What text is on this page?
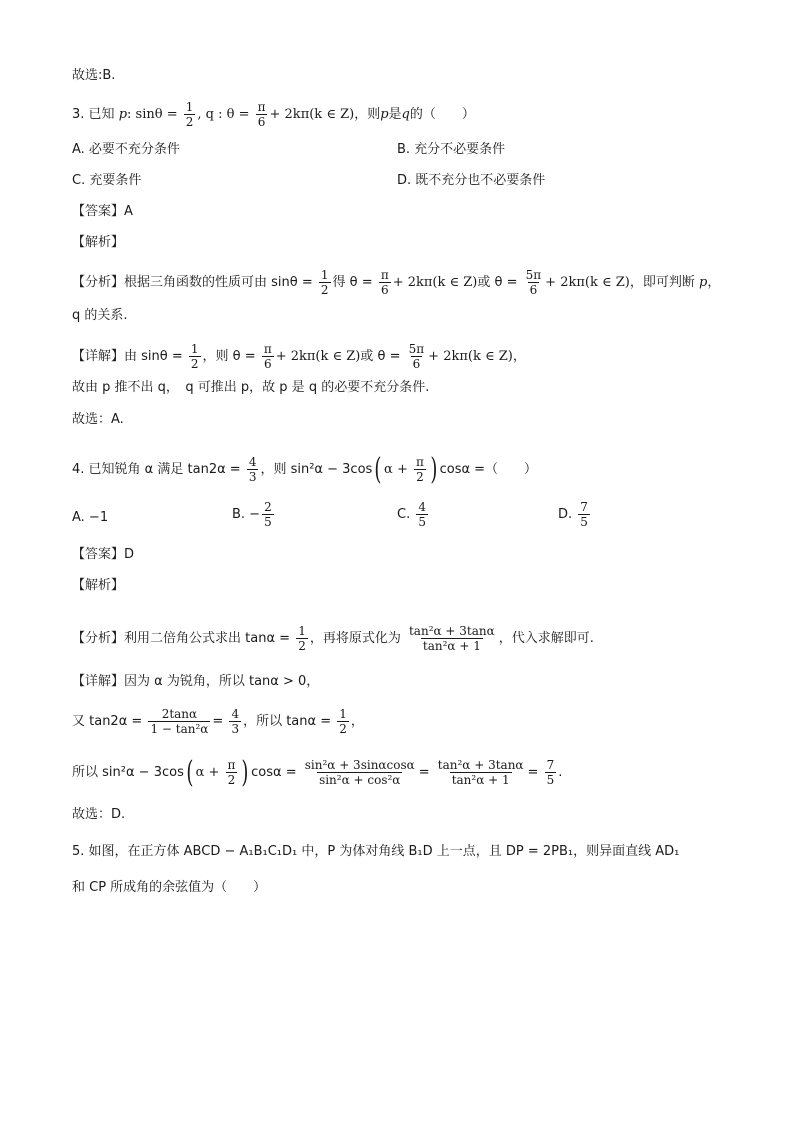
故选:B.
3. 已知 p: $\sin\theta = \frac{1}{2}$ , q : $\theta = \frac{\pi}{6} + 2k\pi(k$ ∈ Z)，则p是q的（　　）
A. 必要不充分条件	B. 充分不必要条件
C. 充要条件	D. 既不充分也不必要条件
【答案】A
【解析】
【分析】根据三角函数的性质可由 $\sin\theta = \frac{1}{2}$ 得 $\theta = \frac{\pi}{6} + 2k\pi(k$ ∈ Z)或 $\theta = \frac{5\pi}{6} + 2k\pi(k$ ∈ Z)，即可判断 p，
q 的关系.
【详解】由 $\sin\theta = \frac{1}{2}$ ，则 $\theta = \frac{\pi}{6} + 2k\pi(k$ ∈ Z)或 $\theta = \frac{5\pi}{6} + 2k\pi(k$ ∈ Z)，
故由 p 推不出 q，　q 可推出 p，故 p 是 q 的必要不充分条件.
故选：A.
4. 已知锐角 α 满足 $\tan 2\alpha = \frac{4}{3}$ ，则 sin²α − 3cos( $\alpha + \frac{\pi}{2}$ ) cosα =（　　）
A. −1	B. − $\frac{2}{5}$	C. $\frac{4}{5}$	D. $\frac{7}{5}$
【答案】D
【解析】
【分析】利用二倍角公式求出 $\tan\alpha = \frac{1}{2}$ ，再将原式化为 $\frac{\text{tan²α + 3tanα}}{\text{tan²α + 1}}$ ，代入求解即可.
【详解】因为 α 为锐角，所以 tanα > 0，
又 $\tan 2\alpha = \frac{2\tan\alpha}{\text{1 − tan²α}} = \frac{4}{3}$ ，所以 $\tan\alpha = \frac{1}{2}$ ，
所以 sin²α − 3cos( $\alpha + \frac{\pi}{2}$ ) $\cos\alpha = \frac{\text{sin²α + 3sinαcosα}}{\text{sin²α + cos²α}} = \frac{\text{tan²α + 3tanα}}{\text{tan²α + 1}} = \frac{7}{5}$ .
故选：D.
5. 如图，在正方体 ABCD − A₁B₁C₁D₁ 中，P 为体对角线 B₁D 上一点，且 DP = 2PB₁，则异面直线 AD₁
和 CP 所成角的余弦值为（　　）
